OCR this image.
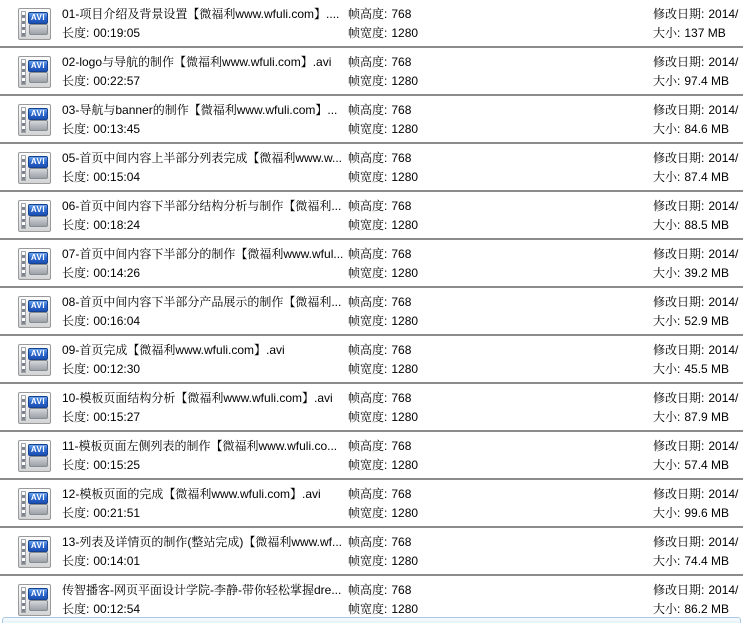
AVI 01-项目介绍及背景设置【微福利www.wfuli.com】....
长度: 00:19:05
帧高度: 768
帧宽度: 1280
修改日期: 2014/
大小: 137 MB
AVI 02-logo与导航的制作【微福利www.wfuli.com】.avi
长度: 00:22:57
帧高度: 768
帧宽度: 1280
修改日期: 2014/
大小: 97.4 MB
AVI 03-导航与banner的制作【微福利www.wfuli.com】...
长度: 00:13:45
帧高度: 768
帧宽度: 1280
修改日期: 2014/
大小: 84.6 MB
AVI 05-首页中间内容上半部分列表完成【微福利www.w...
长度: 00:15:04
帧高度: 768
帧宽度: 1280
修改日期: 2014/
大小: 87.4 MB
AVI 06-首页中间内容下半部分结构分析与制作【微福利...
长度: 00:18:24
帧高度: 768
帧宽度: 1280
修改日期: 2014/
大小: 88.5 MB
AVI 07-首页中间内容下半部分的制作【微福利www.wful...
长度: 00:14:26
帧高度: 768
帧宽度: 1280
修改日期: 2014/
大小: 39.2 MB
AVI 08-首页中间内容下半部分产品展示的制作【微福利...
长度: 00:16:04
帧高度: 768
帧宽度: 1280
修改日期: 2014/
大小: 52.9 MB
AVI 09-首页完成【微福利www.wfuli.com】.avi
长度: 00:12:30
帧高度: 768
帧宽度: 1280
修改日期: 2014/
大小: 45.5 MB
AVI 10-模板页面结构分析【微福利www.wfuli.com】.avi
长度: 00:15:27
帧高度: 768
帧宽度: 1280
修改日期: 2014/
大小: 87.9 MB
AVI 11-模板页面左侧列表的制作【微福利www.wfuli.co...
长度: 00:15:25
帧高度: 768
帧宽度: 1280
修改日期: 2014/
大小: 57.4 MB
AVI 12-模板页面的完成【微福利www.wfuli.com】.avi
长度: 00:21:51
帧高度: 768
帧宽度: 1280
修改日期: 2014/
大小: 99.6 MB
AVI 13-列表及详情页的制作(整站完成)【微福利www.wf...
长度: 00:14:01
帧高度: 768
帧宽度: 1280
修改日期: 2014/
大小: 74.4 MB
AVI 传智播客-网页平面设计学院-李静-带你轻松掌握dre...
长度: 00:12:54
帧高度: 768
帧宽度: 1280
修改日期: 2014/
大小: 86.2 MB
